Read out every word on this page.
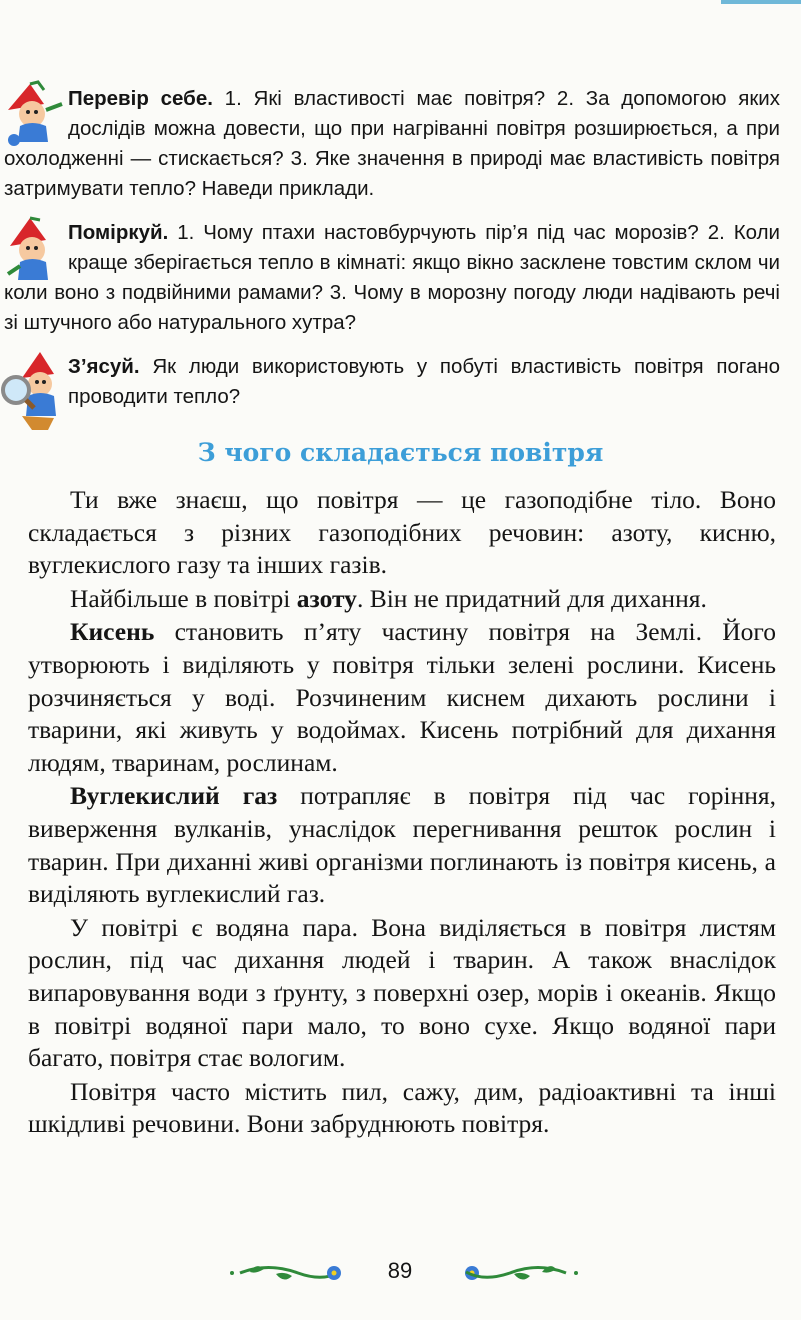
Перевір себе. 1. Які властивості має повітря? 2. За допомогою яких дослідів можна довести, що при нагріванні повітря розширюється, а при охолодженні — стискається? 3. Яке значення в природі має властивість повітря затримувати тепло? Наведи приклади.
Поміркуй. 1. Чому птахи настовбурчують пір’я під час морозів? 2. Коли краще зберігається тепло в кімнаті: якщо вікно засклене товстим склом чи коли воно з подвійними рамами? 3. Чому в морозну погоду люди надівають речі зі штучного або натурального хутра?
З’ясуй. Як люди використовують у побуті властивість повітря погано проводити тепло?
З чого складається повітря

Ти вже знаєш, що повітря — це газоподібне тіло. Воно складається з різних газоподібних речовин: азоту, кисню, вуглекислого газу та інших газів.

Найбільше в повітрі азоту. Він не придатний для дихання.

Кисень становить п’яту частину повітря на Землі. Його утворюють і виділяють у повітря тільки зелені рослини. Кисень розчиняється у воді. Розчиненим киснем дихають рослини і тварини, які живуть у водоймах. Кисень потрібний для дихання людям, тваринам, рослинам.

Вуглекислий газ потрапляє в повітря під час горіння, виверження вулканів, унаслідок перегнивання решток рослин і тварин. При диханні живі організми поглинають із повітря кисень, а виділяють вуглекислий газ.

У повітрі є водяна пара. Вона виділяється в повітря листям рослин, під час дихання людей і тварин. А також внаслідок випаровування води з ґрунту, з поверхні озер, морів і океанів. Якщо в повітрі водяної пари мало, то воно сухе. Якщо водяної пари багато, повітря стає вологим.

Повітря часто містить пил, сажу, дим, радіоактивні та інші шкідливі речовини. Вони забруднюють повітря.

89
